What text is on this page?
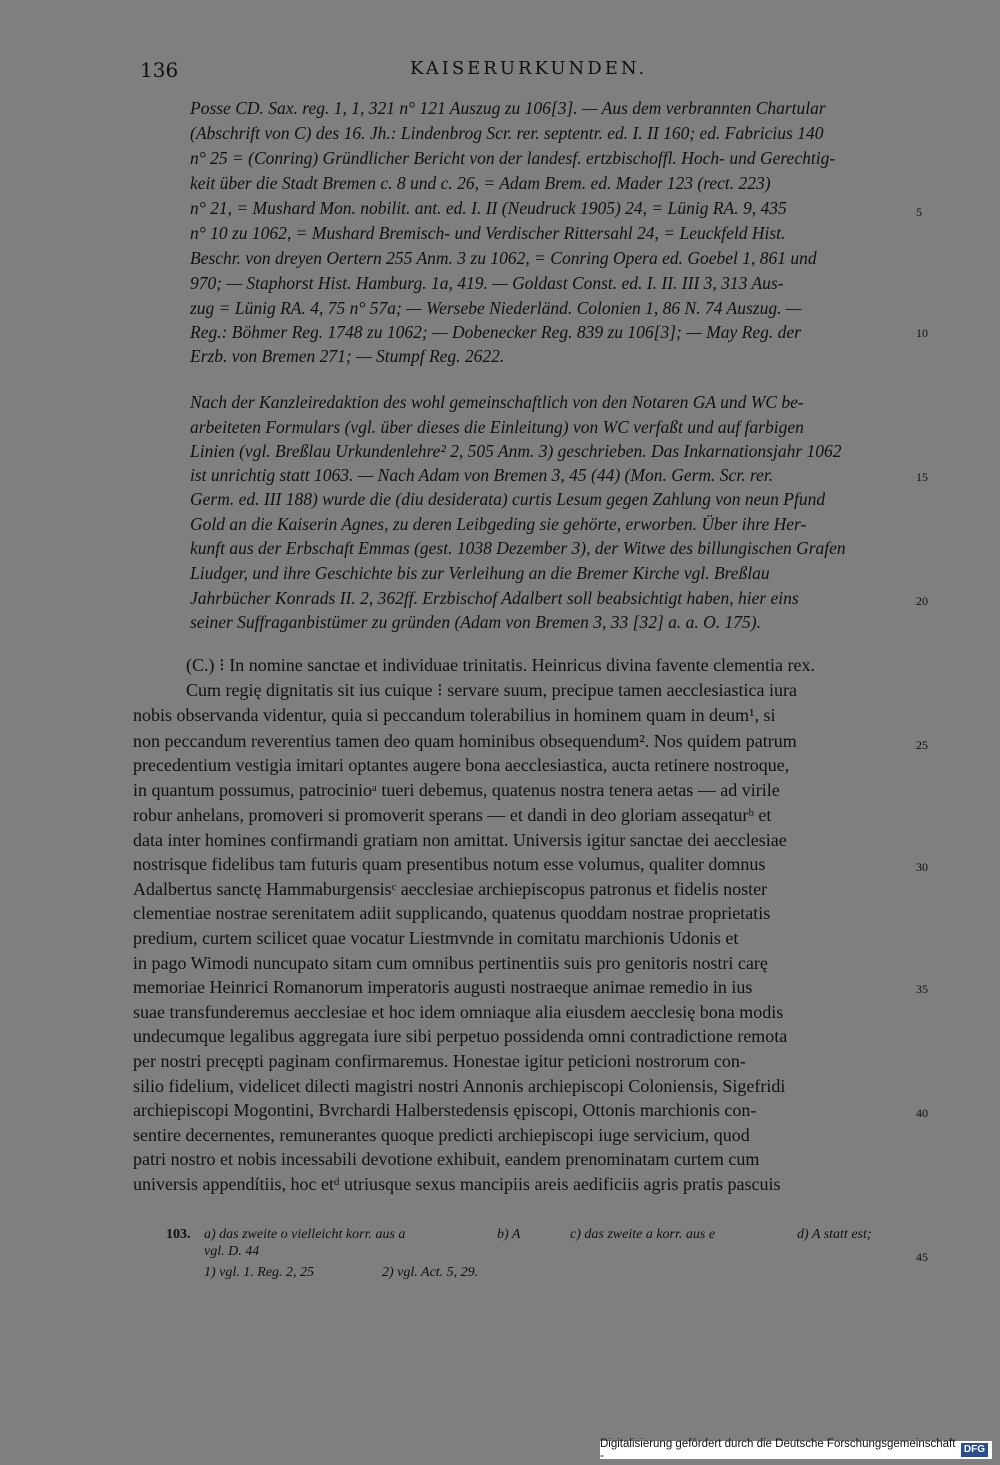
136	KAISERURKUNDEN.
Posse CD. Sax. reg. 1, 1, 321 n° 121 Auszug zu 106[3]. — Aus dem verbrannten Chartular
(Abschrift von C) des 16. Jh.: Lindenbrog Scr. rer. septentr. ed. I. II 160; ed. Fabricius 140
n° 25 = (Conring) Gründlicher Bericht von der landesf. ertzbischoffl. Hoch- und Gerechtig-
keit über die Stadt Bremen c. 8 und c. 26, = Adam Brem. ed. Mader 123 (rect. 223)
n° 21, = Mushard Mon. nobilit. ant. ed. I. II (Neudruck 1905) 24, = Lünig RA. 9, 435
n° 10 zu 1062, = Mushard Bremisch- und Verdischer Rittersahl 24, = Leuckfeld Hist.
Beschr. von dreyen Oertern 255 Anm. 3 zu 1062, = Conring Opera ed. Goebel 1, 861 und
970; — Staphorst Hist. Hamburg. 1a, 419. — Goldast Const. ed. I. II. III 3, 313 Aus-
zug = Lünig RA. 4, 75 n° 57a; — Wersebe Niederländ. Colonien 1, 86 N. 74 Auszug. —
Reg.: Böhmer Reg. 1748 zu 1062; — Dobenecker Reg. 839 zu 106[3]; — May Reg. der
Erzb. von Bremen 271; — Stumpf Reg. 2622.
Nach der Kanzleiredaktion des wohl gemeinschaftlich von den Notaren GA und WC be-
arbeiteten Formulars (vgl. über dieses die Einleitung) von WC verfaßt und auf farbigen
Linien (vgl. Breßlau Urkundenlehre² 2, 505 Anm. 3) geschrieben. Das Inkarnationsjahr 1062
ist unrichtig statt 1063. — Nach Adam von Bremen 3, 45 (44) (Mon. Germ. Scr. rer.
Germ. ed. III 188) wurde die (diu desiderata) curtis Lesum gegen Zahlung von neun Pfund
Gold an die Kaiserin Agnes, zu deren Leibgeding sie gehörte, erworben. Über ihre Her-
kunft aus der Erbschaft Emmas (gest. 1038 Dezember 3), der Witwe des billungischen Grafen
Liudger, und ihre Geschichte bis zur Verleihung an die Bremer Kirche vgl. Breßlau
Jahrbücher Konrads II. 2, 362ff. Erzbischof Adalbert soll beabsichtigt haben, hier eins
seiner Suffraganbistümer zu gründen (Adam von Bremen 3, 33 [32] a. a. O. 175).
(C.) ⁝ In nomine sanctae et individuae trinitatis. Heinricus divina favente clementia rex.
Cum regię dignitatis sit ius cuique ⁝ servare suum, precipue tamen aecclesiastica iura
nobis observanda videntur, quia si peccandum tolerabilius in hominem quam in deum¹, si
non peccandum reverentius tamen deo quam hominibus obsequendum². Nos quidem patrum
precedentium vestigia imitari optantes augere bona aecclesiastica, aucta retinere nostroque,
in quantum possumus, patrocinioᵃ tueri debemus, quatenus nostra tenera aetas — ad virile
robur anhelans, promoveri si promoverit sperans — et dandi in deo gloriam asseqaturᵇ et
data inter homines confirmandi gratiam non amittat. Universis igitur sanctae dei aecclesiae
nostrisque fidelibus tam futuris quam presentibus notum esse volumus, qualiter domnus
Adalbertus sanctę Hammaburgensisᶜ aecclesiae archiepiscopus patronus et fidelis noster
clementiae nostrae serenitatem adiit supplicando, quatenus quoddam nostrae proprietatis
predium, curtem scilicet quae vocatur Liestmvnde in comitatu marchionis Udonis et
in pago Wimodi nuncupato sitam cum omnibus pertinentiis suis pro genitoris nostri carę
memoriae Heinrici Romanorum imperatoris augusti nostraeque animae remedio in ius
suae transfunderemus aecclesiae et hoc idem omniaque alia eiusdem aecclesię bona modis
undecumque legalibus aggregata iure sibi perpetuo possidenda omni contradictione remota
per nostri precępti paginam confirmaremus. Honestae igitur peticioni nostrorum con-
silio fidelium, videlicet dilecti magistri nostri Annonis archiepiscopi Coloniensis, Sigefridi
archiepiscopi Mogontini, Bvrchardi Halberstedensis ępiscopi, Ottonis marchionis con-
sentire decernentes, remunerantes quoque predicti archiepiscopi iuge servicium, quod
patri nostro et nobis incessabili devotione exhibuit, eandem prenominatam curtem cum
universis appendítiis, hoc etᵈ utriusque sexus mancipiis areis aedificiis agris pratis pascuis
5
10
15
20
25
30
35
40
45
103. a) das zweite o vielleicht korr. aus a	b) A	c) das zweite a korr. aus e	d) A statt est;
vgl. D. 44
1) vgl. 1. Reg. 2, 25	2) vgl. Act. 5, 29.
Digitalisierung gefördert durch die Deutsche Forschungsgemeinschaft -
DFG
